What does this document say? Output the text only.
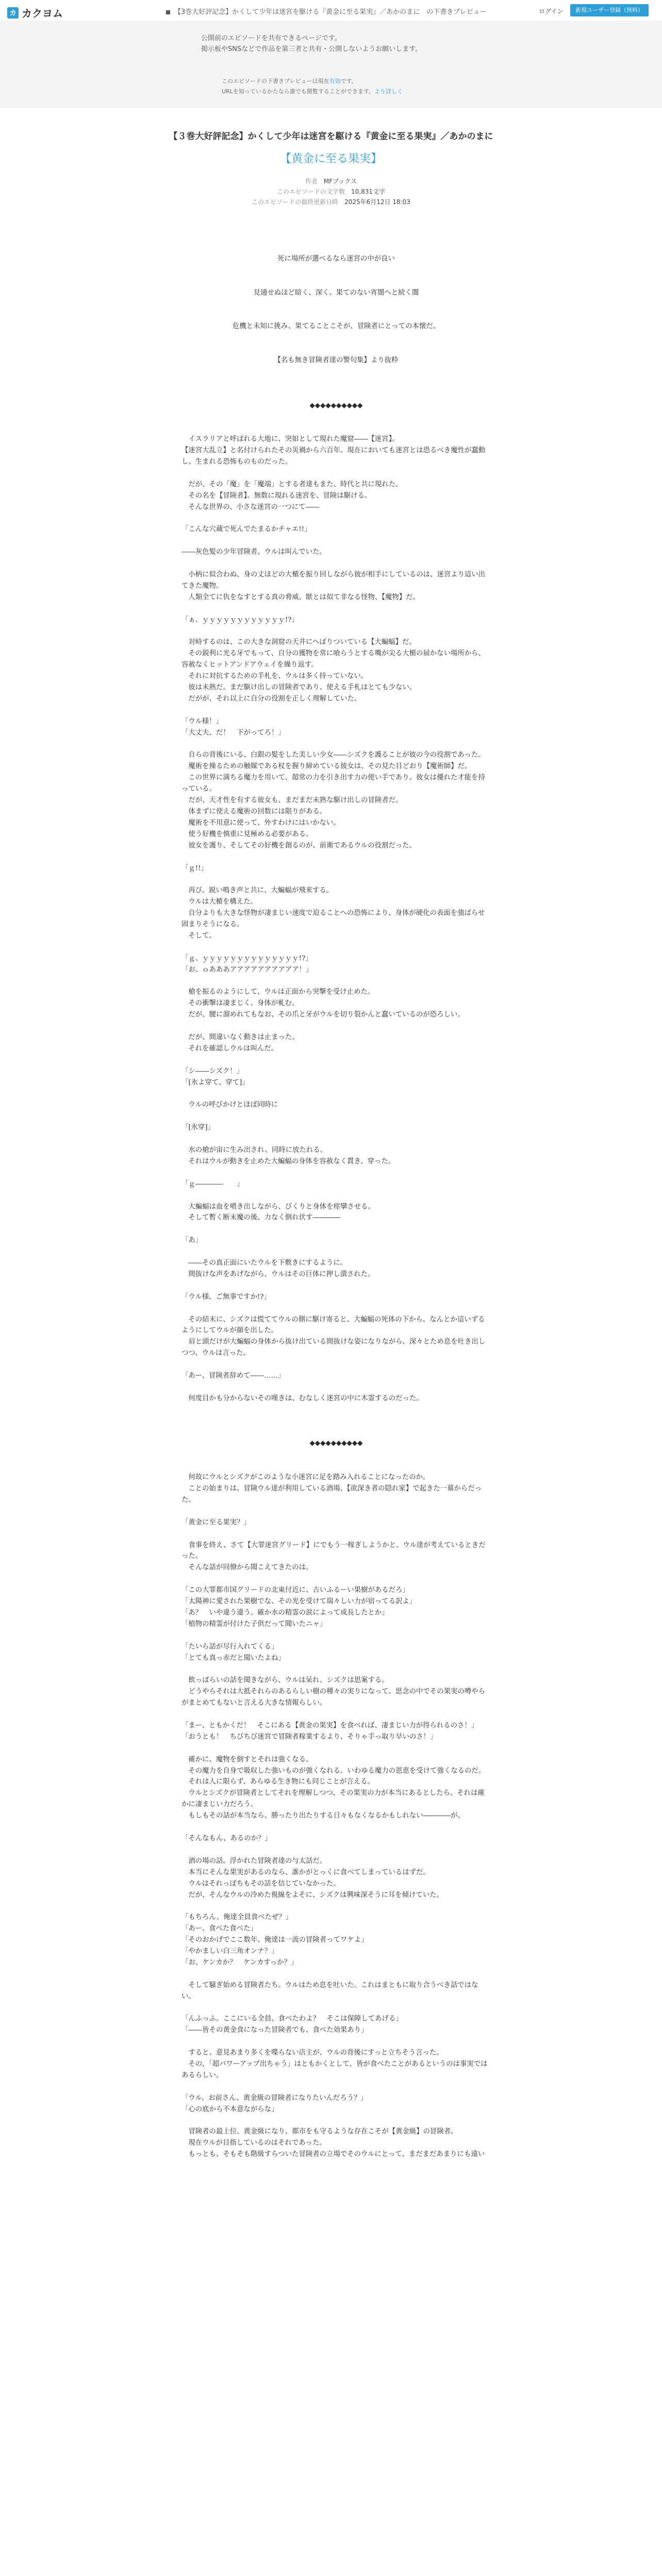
カ カクヨム	【3巻大好評記念】かくして少年は迷宮を駆ける『黄金に至る果実』／あかのまに　の下書きプレビュー	ログイン	新規ユーザー登録（無料）
公開前のエピソードを共有できるページです。
掲示板やSNSなどで作品を第三者と共有・公開しないようお願いします。
このエピソードの下書きプレビューは現在有効です。
URLを知っているかたなら誰でも閲覧することができます。より詳しく
【３巻大好評記念】かくして少年は迷宮を駆ける『黄金に至る果実』／あかのまに
【黄金に至る果実】
作者　 MFブックス
このエピソードの文字数　 10,831文字
このエピソードの最終更新日時　 2025年6月12日 18:03

死に場所が選べるなら迷宮の中が良い

見通せぬほど暗く、深く、果てのない宵闇へと続く闇

危機と未知に挑み、果てることこそが、冒険者にとっての本懐だ。

【名も無き冒険者達の警句集】より抜粋

◆◆◆◆◆◆◆◆◆◆

　イスラリアと呼ばれる大地に、突如として現れた魔窟――【迷宮】。

【迷宮大乱立】と名付けられたその災禍から六百年。現在においても迷宮とは恐るべき魔性が蠢動し、生まれる恐怖ものものだった。

　だが、その「魔」を「魔端」とする者達もまた、時代と共に現れた。

　その名を【冒険者】。無数に現れる迷宮を、冒険は駆ける。

　そんな世界の、小さな迷宮の一つにて――

「こんな穴蔵で死んでたまるかチャエ!!」

――灰色髪の少年冒険者、ウルは叫んでいた。

　小柄に似合わぬ、身の丈ほどの大楯を振り回しながら彼が相手にしているのは、迷宮より這い出てきた魔物。

　人類全てに仇をなすとする真の脅威、獣とは似て非なる怪物、【魔物】だ。

「ぁ、ｙｙｙｙｙｙｙｙｙｙｙｙ!?」

　対峙するのは、この大きな洞窟の天井にへばりついている【大蝙蝠】だ。

　その鋭利に光る牙でもって、自分の獲物を常に喰らうとする嘴が尖る大楯の届かない場所から、容赦なくヒットアンドアウェイを繰り返す。

　それに対抗するための手札を、ウルは多く持っていない。

　彼は未熟だ。まだ駆け出しの冒険者であり、使える手札はとても少ない。

　だがが、それ以上に自分の役割を正しく理解していた。

「ウル様！」

「大丈夫、だ！　下がってろ！」

　自らの背後にいる、白銀の髪をした美しい少女――シズクを護ることが彼の今の役割であった。

　魔術を操るための触媒である杖を握り締めている彼女は、その見た目どおり【魔術師】だ。

　この世界に満ちる魔力を用いて、超常の力を引き出す力の使い手であり、彼女は優れた才能を持っている。

　だが、天才性を有する彼女も、まだまだ未熟な駆け出しの冒険者だ。

　体まずに使える魔術の回数には限りがある。

　魔術を不用意に使って、外すわけにはいかない。

　使う好機を慎重に見極める必要がある。

　彼女を護り、そしてその好機を創るのが、前衛であるウルの役割だった。

「ｇ!!」

　再び、鋭い鳴き声と共に、大蝙蝠が飛来する。

　ウルは大楯を構えた。

　自分よりも大きな怪物が凄まじい速度で迫ることへの恐怖により、身体が硬化の表面を強ばらせ固まりそうになる。

　そして。

「ｇ、ｙｙｙｙｙｙｙｙｙｙｙｙｙｙ!?」

「お、ｏあああアアアアアアアアアア！」

　槍を振るのようにして、ウルは正面から突撃を受け止めた。

　その衝撃は凄まじく、身体が軋む。

　だが、腰に溜めれてもなお、その爪と牙がウルを切り裂かんと蠢いているのが恐ろしい。

　だが、間違いなく動きは止まった。

　それを確認しウルは叫んだ。

「シ――シズク！」

「[氷よ穿て、穿て]」

　ウルの呼びかけとほぼ同時に

「[氷穿]」

　氷の槍が宙に生み出され、同時に放たれる。

　それはウルが動きを止めた大蝙蝠の身体を容赦なく貫き、穿った。

「ｇ――――　　」

　大蝙蝠は血を噴き出しながら、びくりと身体を痙攣させる。

　そして暫く断末魔の後、力なく倒れ伏す――――

「あ」

　――その真正面にいたウルを下敷きにするように。

　間抜けな声をあげながら、ウルはその巨体に押し潰された。

「ウル様、ご無事ですか!?」

　その結末に、シズクは慌ててウルの側に駆け寄ると、大蝙蝠の死体の下から、なんとか這いずるようにしてウルが顔を出した。

　肩と頭だけが大蝙蝠の身体から抜け出ている間抜けな姿になりながら、深々とため息を吐き出しつつ、ウルは言った。

「あー、冒険者辞めて――……」

　何度目かも分からないその嘆きは、むなしく迷宮の中に木霊するのだった。

◆◆◆◆◆◆◆◆◆◆

　何故にウルとシズクがこのような小迷宮に足を踏み入れることになったのか。

　ことの始まりは、冒険ウル達が利用している酒場、【欲深き者の隠れ家】で起きた一幕からだった。

「黄金に至る果実？」

　食事を終え、さて【大罪迷宮グリード】にでもう一稼ぎしようかと、ウル達が考えているときだった。

　そんな話が同僚から聞こえてきたのは。

「この大罪都市国グリードの北東付近に、古いふるーい果樹があるだろ」

「太陽神に愛された果樹でな、その光を受けて瑞々しい力が宿ってる訳よ」

「あ？　いや違う違う。確か水の精霊の涙によって成長したとか」

「植物の精霊が付けた子供だって聞いたニャ」

「たいら話が尽行入れてくる」

「とても真っ赤だと聞いたよね」

　飲っぱらいの話を聞きながら、ウルは呆れ、シズクは思案する。

　どうやらそれは大抵それらのあるらしい樹の種々の実りになって、思念の中でその果実の噂やらがまとめてもないと言える大きな情報らしい。

「まー、ともかくだ！　そこにある【黄金の果実】を食べれば、凄まじい力が得られるのさ！」

「おうとも！　ちびちび迷宮で冒険者稼業するより、そりゃ手っ取り早いのさ！」

　確かに、魔物を倒すとそれは強くなる。

　その魔力を自身で吸収した強いものが強くなれる。いわゆる魔力の恩恵を受けて強くなるのだ。

　それは人に限らず、あらゆる生き物にも同じことが言える。

　ウルとシズクが冒険者としてそれを理解しつつ、その果実の力が本当にあるとしたら、それは確かに凄まじい力だろう。

　もしもその話が本当なら、勝ったり出たりする日々もなくなるかもしれない――――が。

「そんなもん、あるのか？」

　酒の場の話。浮かれた冒険者達の与太話だ。

　本当にそんな果実があるのなら、誰かがとっくに食べてしまっているはずだ。

　ウルはそれっぽちもその話を信じていなかった。

　だが、そんなウルの冷めた視線をよそに、シズクは興味深そうに耳を傾けていた。

「もちろん、俺達全員食べたぜ？」

「あー、食べた食べた」

「そのおかげでここ数年、俺達は一流の冒険者ってワケよ」

「やかましい白三角オンナ？」

「お、ケンカか？　ケンカすっか？」

　そして騒ぎ始める冒険者たち。ウルはため息を吐いた。これはまともに取り合うべき話ではない。

「んふっふ。ここにいる全員、食べたわよ？　そこは保障してあげる」

「――皆その黄金食になった冒険者でも、食べた効果あり」

　すると、意見あまり多くを喋らない店主が、ウルの背後にすっと立ちそう言った。

　その、「超パワーアップ出ちゃう」はともかくとして、皆が食べたことがあるというのは事実ではあるらしい。

「ウル、お前さん、黄金級の冒険者になりたいんだろう？」

「心の底から不本意ながらな」

　冒険者の最上位。黄金級になり、都市をも守るような存在こそが【黄金級】の冒険者。

　現在ウルが目指しているのはそれであった。

　もっとも、そもそも階級すらついた冒険者の立場でそのウルにとって、まだまだあまりにも遠い
